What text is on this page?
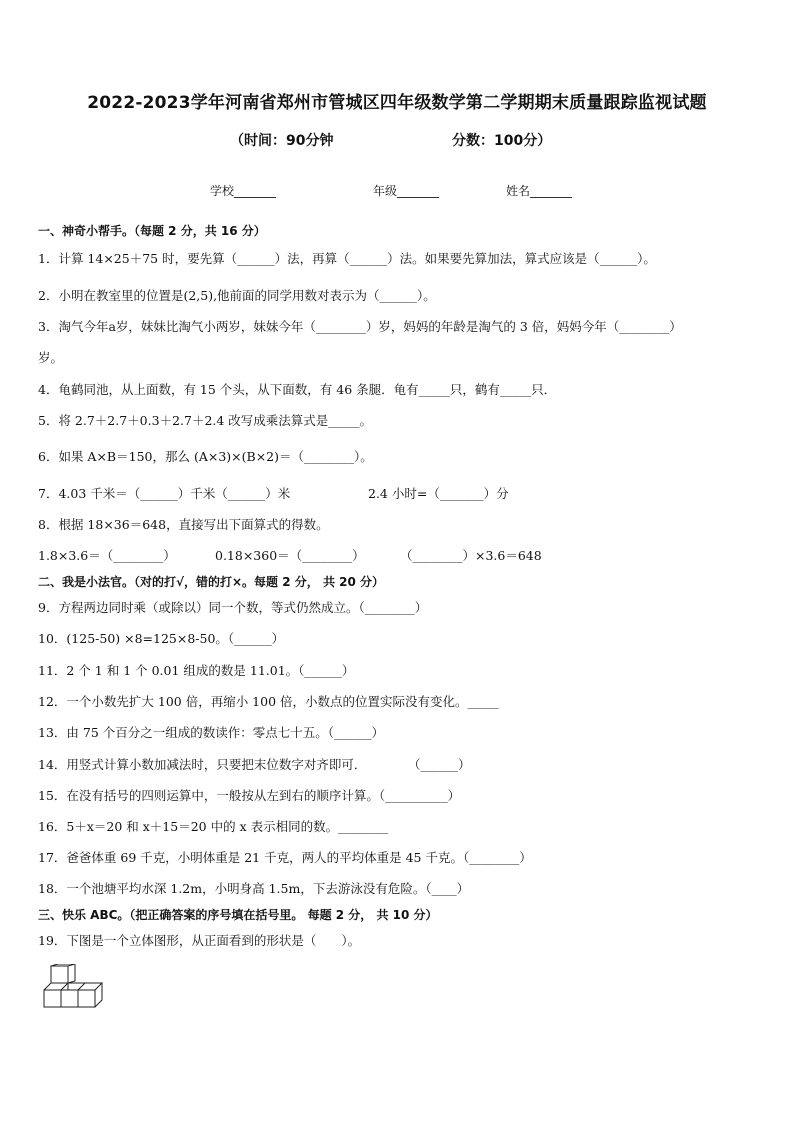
2022-2023学年河南省郑州市管城区四年级数学第二学期期末质量跟踪监视试题
（时间：90分钟	分数：100分）
学校_______	年级_______	姓名_______
一、神奇小帮手。（每题 2 分，共 16 分）
1．计算 14×25＋75 时，要先算（______）法，再算（______）法。如果要先算加法，算式应该是（______）。
2．小明在教室里的位置是(2,5),他前面的同学用数对表示为（______）。
3．淘气今年a岁，妹妹比淘气小两岁，妹妹今年（________）岁，妈妈的年龄是淘气的 3 倍，妈妈今年（________）
岁。
4．龟鹤同池，从上面数，有 15 个头，从下面数，有 46 条腿．龟有_____只，鹤有_____只．
5．将 2.7＋2.7＋0.3＋2.7＋2.4 改写成乘法算式是_____。
6．如果 A×B＝150，那么 (A×3)×(B×2)＝（________）。
7．4.03 千米＝（______）千米（______）米	2.4 小时=（_______）分
8．根据 18×36＝648，直接写出下面算式的得数。
1.8×3.6＝（________）	0.18×360＝（________）	（________）×3.6＝648
二、我是小法官。（对的打√，错的打×。每题 2 分， 共 20 分）
9．方程两边同时乘（或除以）同一个数，等式仍然成立。（________）
10．(125-50) ×8=125×8-50。（______）
11．2 个 1 和 1 个 0.01 组成的数是 11.01。（______）
12．一个小数先扩大 100 倍，再缩小 100 倍，小数点的位置实际没有变化。_____
13．由 75 个百分之一组成的数读作：零点七十五。（______）
14．用竖式计算小数加减法时，只要把末位数字对齐即可．	（______）
15．在没有括号的四则运算中，一般按从左到右的顺序计算。（__________）
16．5＋x＝20 和 x＋15＝20 中的 x 表示相同的数。________
17．爸爸体重 69 千克，小明体重是 21 千克，两人的平均体重是 45 千克。（________）
18．一个池塘平均水深 1.2m，小明身高 1.5m，下去游泳没有危险。（____）
三、快乐 ABC。（把正确答案的序号填在括号里。 每题 2 分， 共 10 分）
19．下图是一个立体图形，从正面看到的形状是（　　）。
